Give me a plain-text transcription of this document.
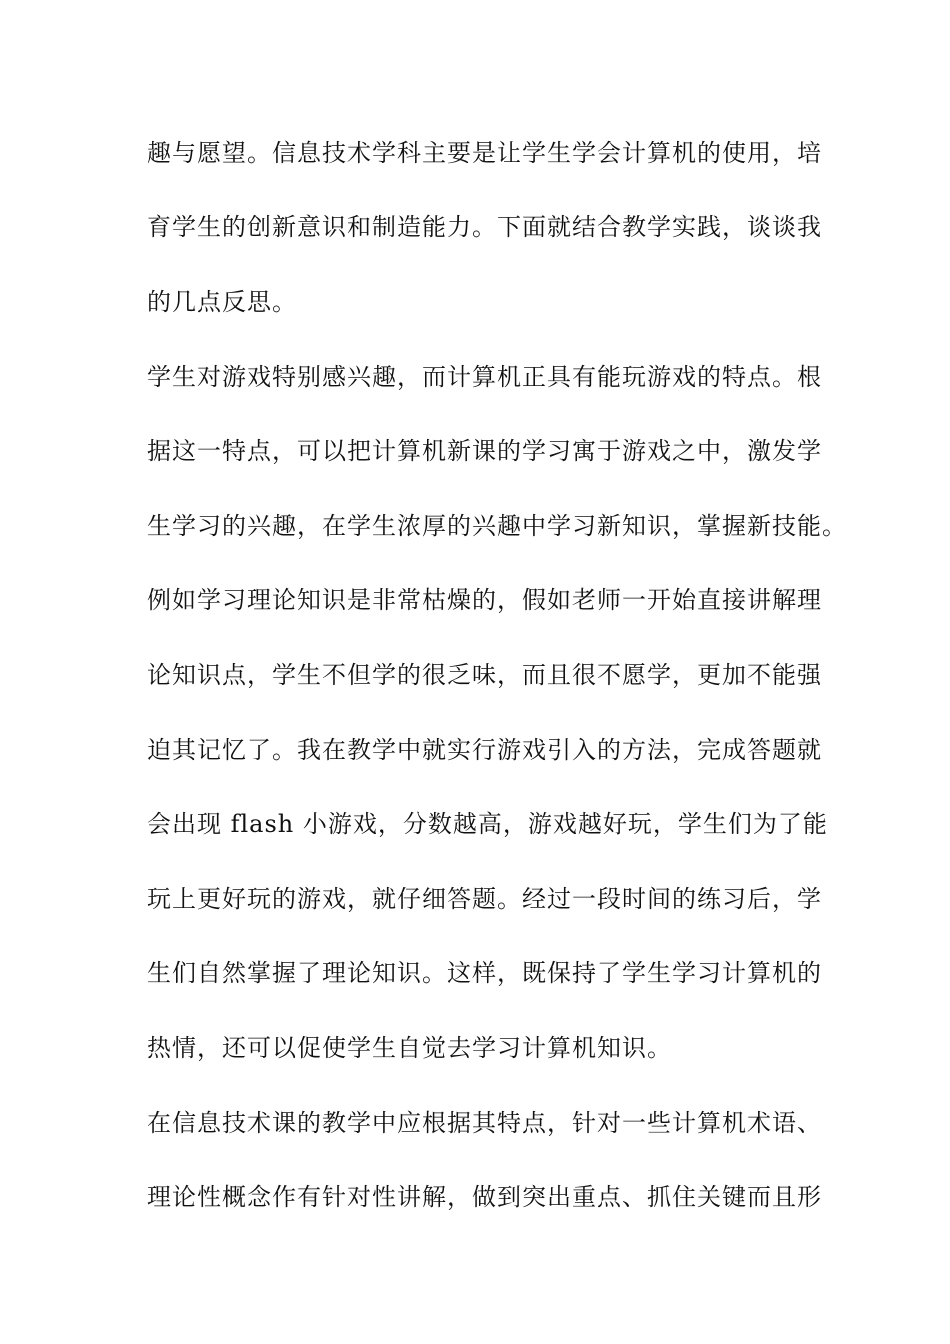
趣与愿望。信息技术学科主要是让学生学会计算机的使用，培
育学生的创新意识和制造能力。下面就结合教学实践，谈谈我
的几点反思。
学生对游戏特别感兴趣，而计算机正具有能玩游戏的特点。根
据这一特点，可以把计算机新课的学习寓于游戏之中，激发学
生学习的兴趣，在学生浓厚的兴趣中学习新知识，掌握新技能。
例如学习理论知识是非常枯燥的，假如老师一开始直接讲解理
论知识点，学生不但学的很乏味，而且很不愿学，更加不能强
迫其记忆了。我在教学中就实行游戏引入的方法，完成答题就
会出现 flash 小游戏，分数越高，游戏越好玩，学生们为了能
玩上更好玩的游戏，就仔细答题。经过一段时间的练习后，学
生们自然掌握了理论知识。这样，既保持了学生学习计算机的
热情，还可以促使学生自觉去学习计算机知识。
在信息技术课的教学中应根据其特点，针对一些计算机术语、
理论性概念作有针对性讲解，做到突出重点、抓住关键而且形
